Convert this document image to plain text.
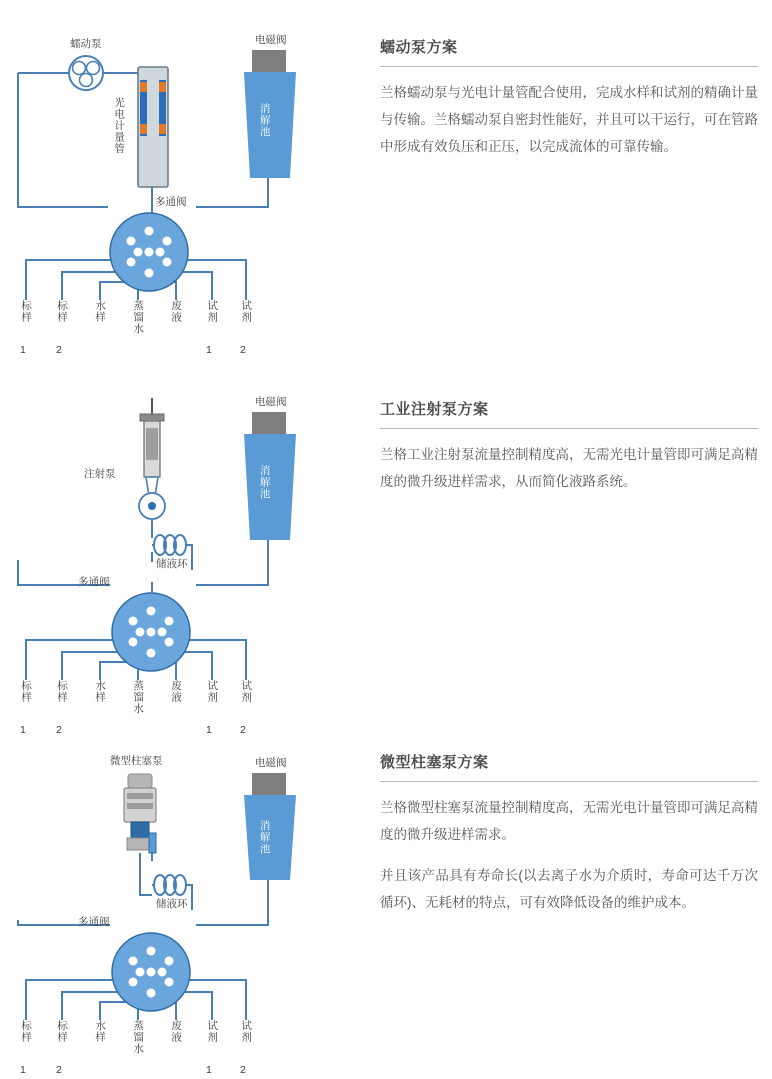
蠕动泵	电磁阀
消解池
光电计量管
多通阀
标样
1
标样
2
水样 蒸馏水 废液 试剂
1
试剂
2
蠕动泵方案

兰格蠕动泵与光电计量管配合使用，完成水样和试剂的精确计量与传输。兰格蠕动泵自密封性能好，并且可以干运行，可在管路中形成有效负压和正压，以完成流体的可靠传输。

注射泵
电磁阀
消解池
储液环
多通阀
标样
1
标样
2
水样 蒸馏水 废液 试剂
1
试剂
2
工业注射泵方案

兰格工业注射泵流量控制精度高，无需光电计量管即可满足高精度的微升级进样需求，从而简化液路系统。

微型柱塞泵	电磁阀
消解池
储液环
多通阀
标样
1
标样
2
水样 蒸馏水 废液 试剂
1
试剂
2
微型柱塞泵方案

兰格微型柱塞泵流量控制精度高，无需光电计量管即可满足高精度的微升级进样需求。

并且该产品具有寿命长(以去离子水为介质时，寿命可达千万次循环)、无耗材的特点，可有效降低设备的维护成本。
